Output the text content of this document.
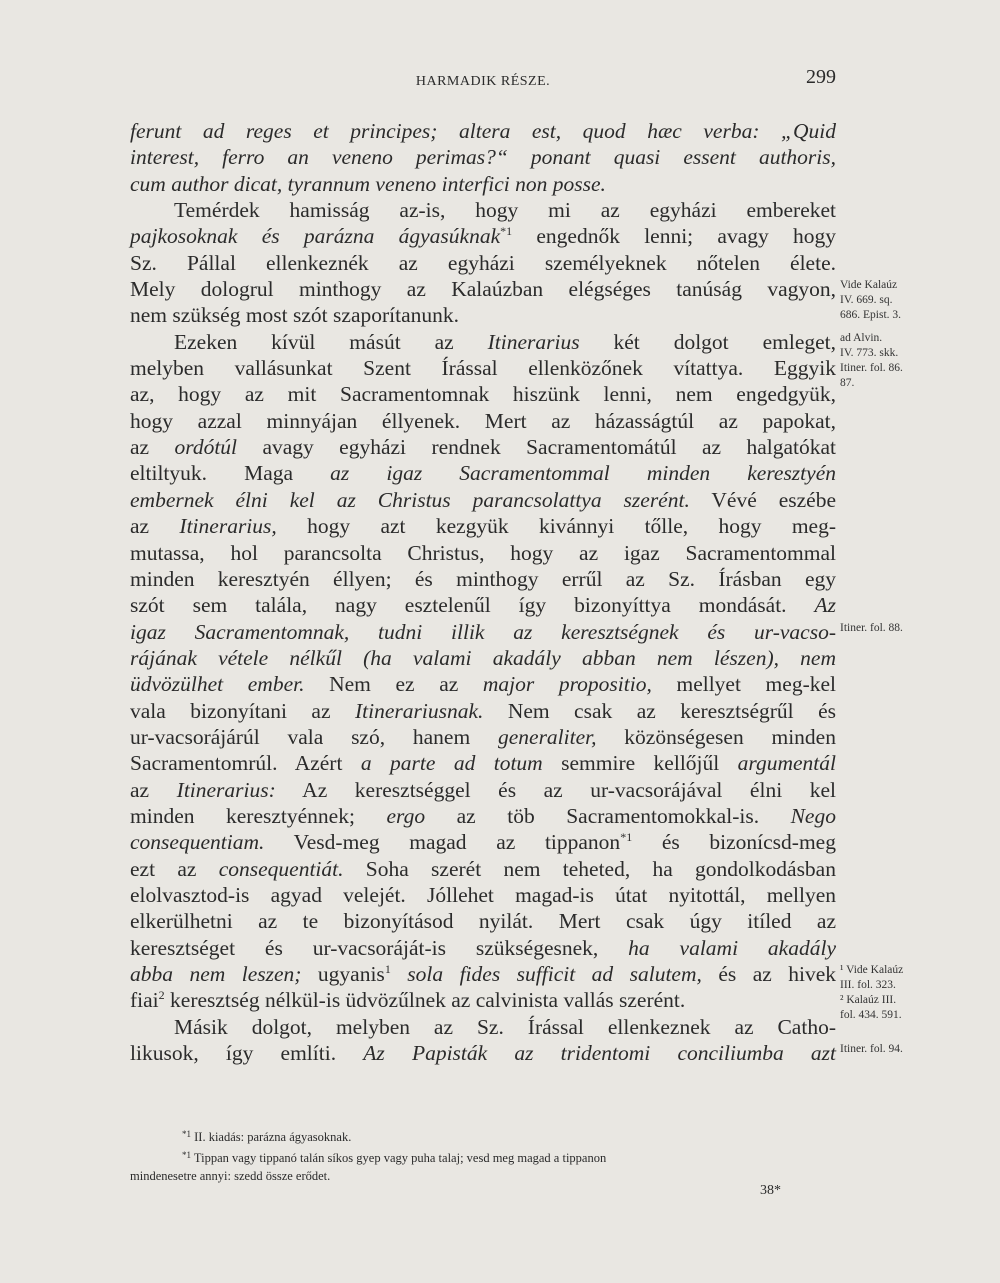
HARMADIK RÉSZE.	299
ferunt ad reges et principes; altera est, quod hæc verba: „Quid
interest, ferro an veneno perimas?“ ponant quasi essent authoris,
cum author dicat, tyrannum veneno interfici non posse.
Temérdek hamisság az-is, hogy mi az egyházi embereket
pajkosoknak és parázna ágyasúknak$^{*1}$ engednők lenni; avagy hogy
Sz. Pállal ellenkeznék az egyházi személyeknek nőtelen élete.
Mely dologrul minthogy az Kalaúzban elégséges tanúság vagyon,
nem szükség most szót szaporítanunk.
Ezeken kívül másút az Itinerarius két dolgot emleget,
melyben vallásunkat Szent Írással ellenközőnek vítattya. Eggyik
az, hogy az mit Sacramentomnak hiszünk lenni, nem engedgyük,
hogy azzal minnyájan éllyenek. Mert az házasságtúl az papokat,
az ordótúl avagy egyházi rendnek Sacramentomátúl az halgatókat
eltiltyuk. Maga az igaz Sacramentommal minden keresztyén
embernek élni kel az Christus parancsolattya szerént. Vévé eszébe
az Itinerarius, hogy azt kezgyük kivánnyi tőlle, hogy meg-
mutassa, hol parancsolta Christus, hogy az igaz Sacramentommal
minden keresztyén éllyen; és minthogy errűl az Sz. Írásban egy
szót sem talála, nagy esztelenűl így bizonyíttya mondását. Az
igaz Sacramentomnak, tudni illik az keresztségnek és ur-vacso-
rájának vétele nélkűl (ha valami akadály abban nem lészen), nem
üdvözülhet ember. Nem ez az major propositio, mellyet meg-kel
vala bizonyítani az Itinerariusnak. Nem csak az keresztségrűl és
ur-vacsorájárúl vala szó, hanem generaliter, közönségesen minden
Sacramentomrúl. Azért a parte ad totum semmire kellőjűl argumentál
az Itinerarius: Az keresztséggel és az ur-vacsorájával élni kel
minden keresztyénnek; ergo az töb Sacramentomokkal-is. Nego
consequentiam. Vesd-meg magad az tippanon$^{*1}$ és bizonícsd-meg
ezt az consequentiát. Soha szerét nem teheted, ha gondolkodásban
elolvasztod-is agyad velejét. Jóllehet magad-is útat nyitottál, mellyen
elkerülhetni az te bizonyításod nyilát. Mert csak úgy itíled az
keresztséget és ur-vacsoráját-is szükségesnek, ha valami akadály
abba nem leszen; ugyanis$^1$ sola fides sufficit ad salutem, és az hivek
fiai$^2$ keresztség nélkül-is üdvözűlnek az calvinista vallás szerént.
Másik dolgot, melyben az Sz. Írással ellenkeznek az Catho-
likusok, így említi. Az Papisták az tridentomi conciliumba azt
Vide Kalaúz
IV. 669. sq.
686. Epist. 3.
ad Alvin.
IV. 773. skk.
Itiner. fol. 86.
87.
Itiner. fol. 88.
¹ Vide Kalaúz
III. fol. 323.
² Kalaúz III.
fol. 434. 591.
Itiner. fol. 94.
$^{*1}$ II. kiadás: parázna ágyasoknak.
$^{*1}$ Tippan vagy tippanó talán síkos gyep vagy puha talaj; vesd meg magad a tippanon
mindenesetre annyi: szedd össze erődet.
38*
